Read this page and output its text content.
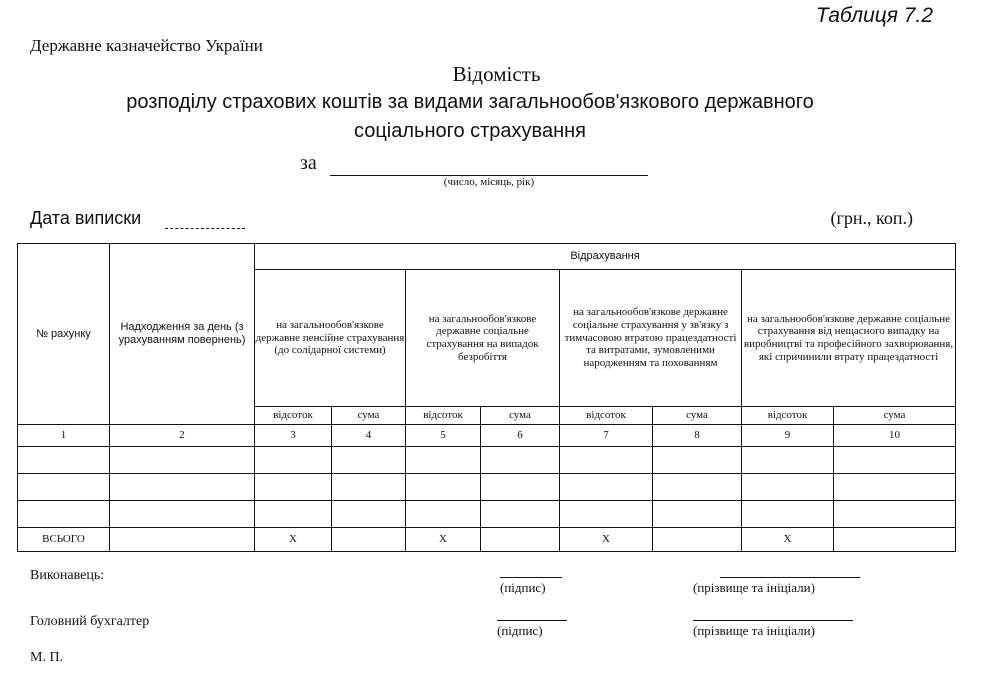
Таблиця 7.2
Державне казначейство України
Відомість
розподілу страхових коштів за видами загальнообов'язкового державного
соціального страхування
за
(число, місяць, рік)
Дата виписки	(грн., коп.)
№ рахунку	Надходження за день (з урахуванням повернень)	Відрахування							
		на загальнообов'язкове державне пенсійне страхування (до солідарної системи)		на загальнообов'язкове державне соціальне страхування на випадок безробіття		на загальнообов'язкове державне соціальне страхування у зв'язку з тимчасовою втратою працездатності та витратами, зумовленими народженням та похованням		на загальнообов'язкове державне соціальне страхування від нещасного випадку на виробництві та професійного захворювання, які спричинили втрату працездатності	
		відсоток	сума	відсоток	сума	відсоток	сума	відсоток	сума
1	2	3	4	5	6	7	8	9	10

ВСЬОГО		Х		Х		Х		Х	
Виконавець:
(підпис)	(прізвище та ініціали)
Головний бухгалтер
(підпис)	(прізвище та ініціали)
М. П.
